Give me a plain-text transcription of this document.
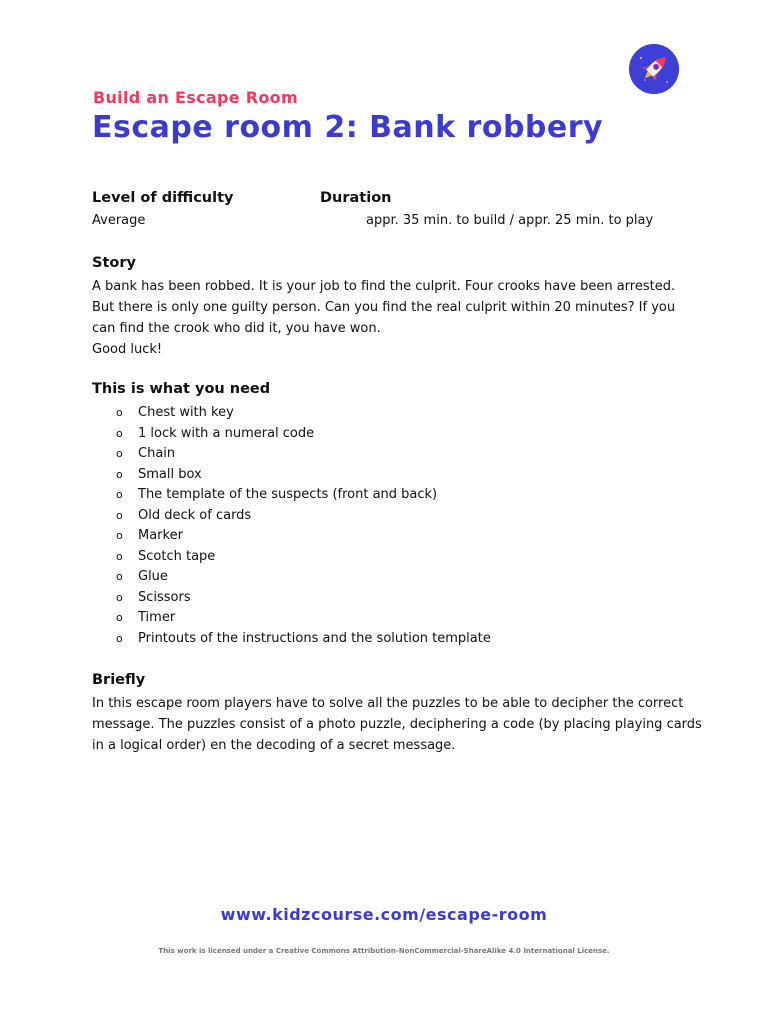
Build an Escape Room

Escape room 2: Bank robbery

Level of difficulty

Average

Duration

appr. 35 min. to build / appr. 25 min. to play

Story
A bank has been robbed. It is your job to find the culprit. Four crooks have been arrested.
But there is only one guilty person. Can you find the real culprit within 20 minutes? If you
can find the crook who did it, you have won.
Good luck!
This is what you need
o Chest with key
o 1 lock with a numeral code
o Chain
o Small box
o The template of the suspects (front and back)
o Old deck of cards
o Marker
o Scotch tape
o Glue
o Scissors
o Timer
o Printouts of the instructions and the solution template
Briefly
In this escape room players have to solve all the puzzles to be able to decipher the correct
message. The puzzles consist of a photo puzzle, deciphering a code (by placing playing cards
in a logical order) en the decoding of a secret message.

www.kidzcourse.com/escape-room

This work is licensed under a Creative Commons Attribution-NonCommercial-ShareAlike 4.0 International License.
